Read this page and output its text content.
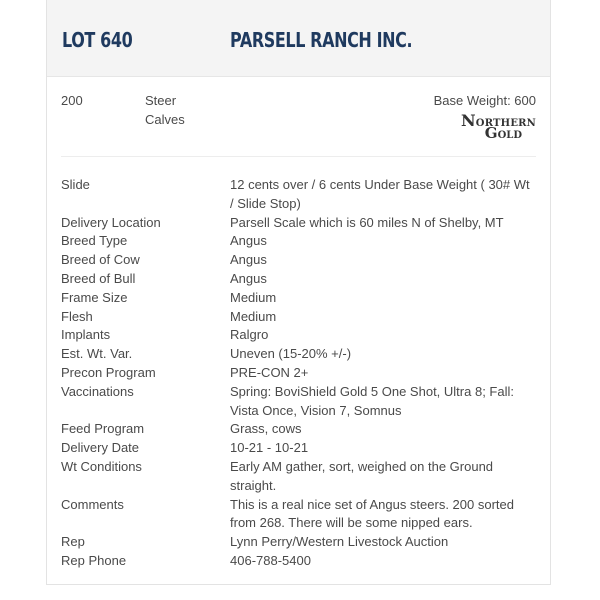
LOT 640	PARSELL RANCH INC.
200	Steer
Calves
Base Weight: 600
NORTHERN
GOLD
Slide	12 cents over / 6 cents Under Base Weight ( 30# Wt / Slide Stop)
Delivery Location	Parsell Scale which is 60 miles N of Shelby, MT
Breed Type	Angus
Breed of Cow	Angus
Breed of Bull	Angus
Frame Size	Medium
Flesh	Medium
Implants	Ralgro
Est. Wt. Var.	Uneven (15-20% +/-)
Precon Program	PRE-CON 2+
Vaccinations	Spring: BoviShield Gold 5 One Shot, Ultra 8; Fall: Vista Once, Vision 7, Somnus
Feed Program	Grass, cows
Delivery Date	10-21 - 10-21
Wt Conditions	Early AM gather, sort, weighed on the Ground straight.
Comments	This is a real nice set of Angus steers. 200 sorted from 268. There will be some nipped ears.
Rep	Lynn Perry/Western Livestock Auction
Rep Phone	406-788-5400
